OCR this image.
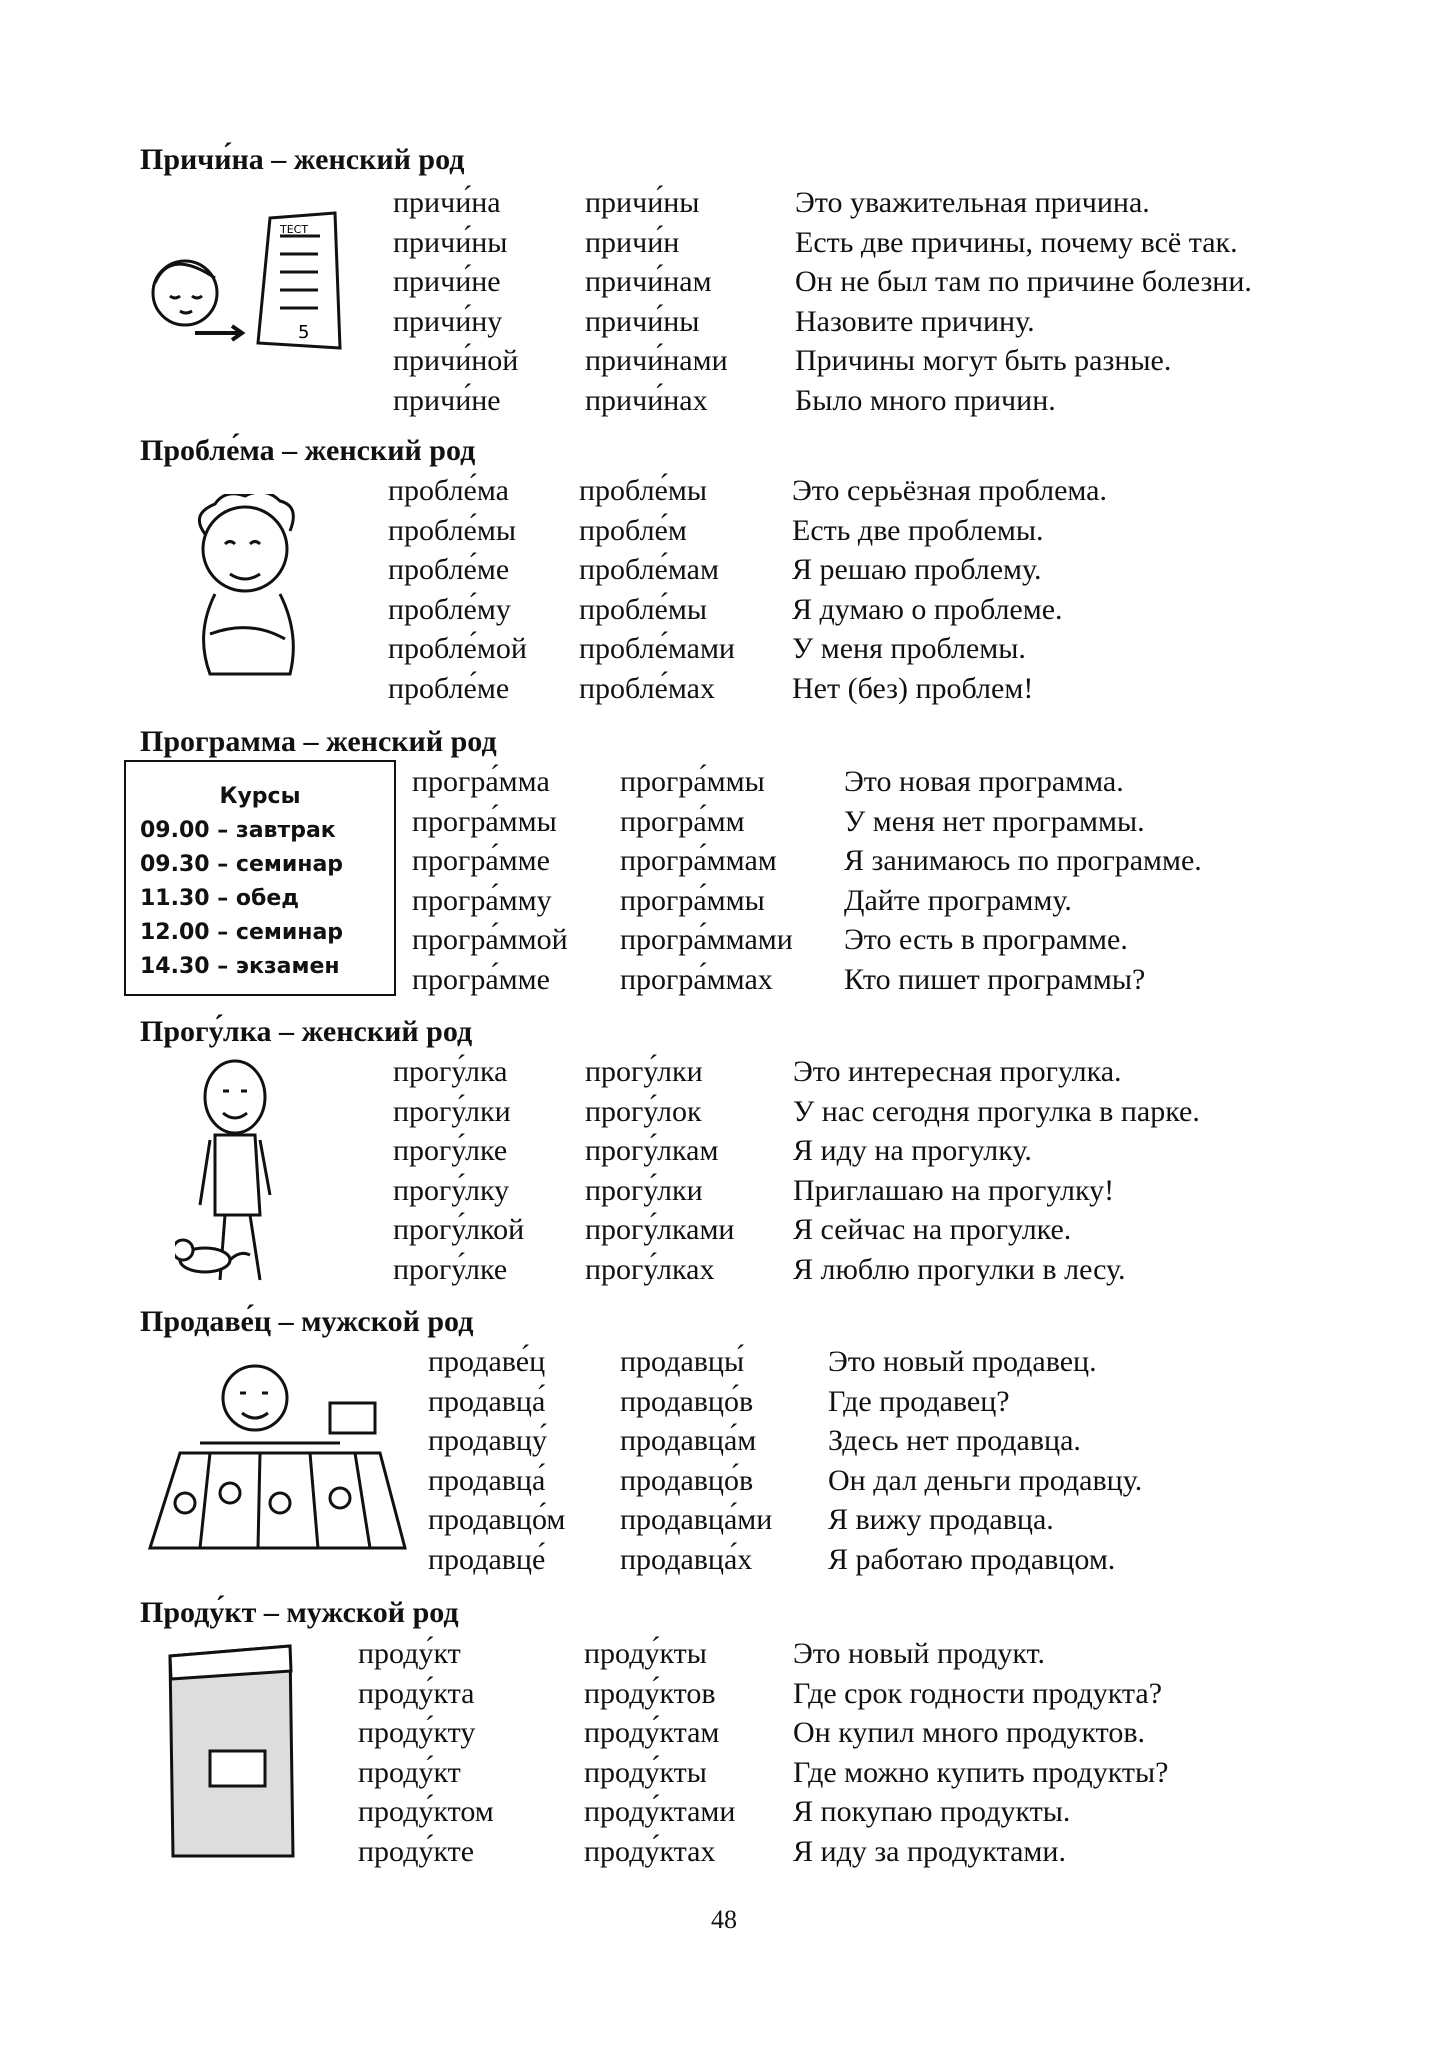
Причи́на – женский род
ТЕСТ
5
причи́на	причи́ны	Это уважительная причина.
причи́ны	причи́н	Есть две причины, почему всё так.
причи́не	причи́нам	Он не был там по причине болезни.
причи́ну	причи́ны	Назовите причину.
причи́ной	причи́нами	Причины могут быть разные.
причи́не	причи́нах	Было много причин.
Пробле́ма – женский род
пробле́ма	пробле́мы	Это серьёзная проблема.
пробле́мы	пробле́м	Есть две проблемы.
пробле́ме	пробле́мам	Я решаю проблему.
пробле́му	пробле́мы	Я думаю о проблеме.
пробле́мой	пробле́мами	У меня проблемы.
пробле́ме	пробле́мах	Нет (без) проблем!
Программа – женский род
програ́мма	програ́ммы	Это новая программа.
програ́ммы	програ́мм	У меня нет программы.
програ́мме	програ́ммам	Я занимаюсь по программе.
програ́мму	програ́ммы	Дайте программу.
програ́ммой	програ́ммами	Это есть в программе.
програ́мме	програ́ммах	Кто пишет программы?
Курсы
09.00 – завтрак
09.30 – семинар
11.30 – обед
12.00 – семинар
14.30 – экзамен
Прогу́лка – женский род
прогу́лка	прогу́лки	Это интересная прогулка.
прогу́лки	прогу́лок	У нас сегодня прогулка в парке.
прогу́лке	прогу́лкам	Я иду на прогулку.
прогу́лку	прогу́лки	Приглашаю на прогулку!
прогу́лкой	прогу́лками	Я сейчас на прогулке.
прогу́лке	прогу́лках	Я люблю прогулки в лесу.
Продаве́ц – мужской род
продаве́ц	продавцы́	Это новый продавец.
продавца́	продавцо́в	Где продавец?
продавцу́	продавца́м	Здесь нет продавца.
продавца́	продавцо́в	Он дал деньги продавцу.
продавцо́м	продавца́ми	Я вижу продавца.
продавце́	продавца́х	Я работаю продавцом.
Проду́кт – мужской род
проду́кт	проду́кты	Это новый продукт.
проду́кта	проду́ктов	Где срок годности продукта?
проду́кту	проду́ктам	Он купил много продуктов.
проду́кт	проду́кты	Где можно купить продукты?
проду́ктом	проду́ктами	Я покупаю продукты.
проду́кте	проду́ктах	Я иду за продуктами.
48
